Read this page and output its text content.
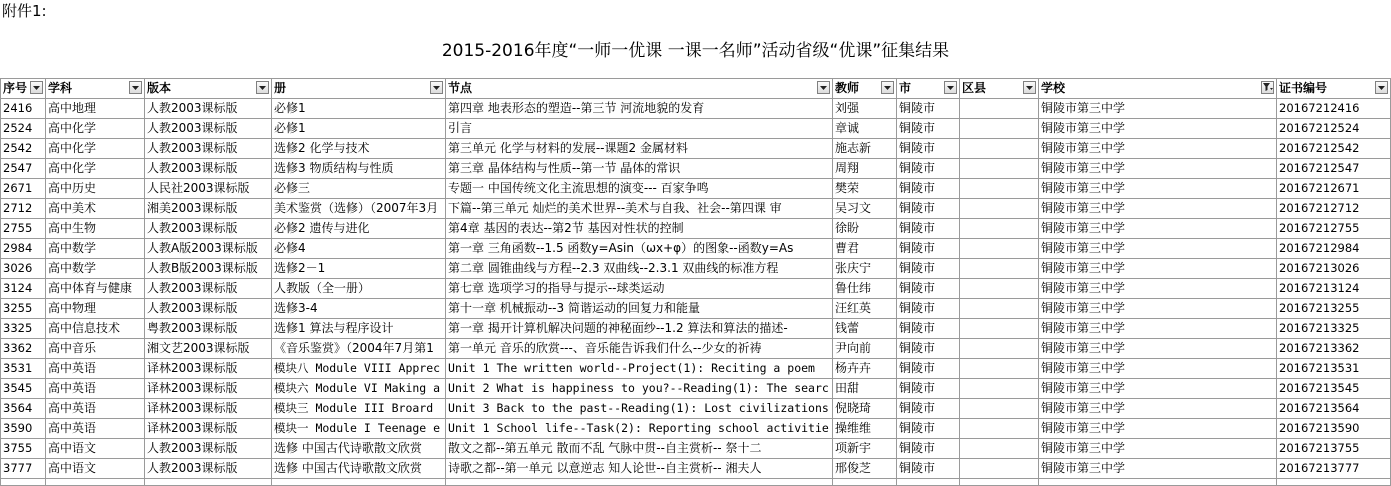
附件1:
2015-2016年度“一师一优课 一课一名师”活动省级“优课”征集结果
序号	学科	版本	册	节点	教师	市	区县	学校	证书编号

2416	高中地理	人教2003课标版	必修1	第四章 地表形态的塑造--第三节 河流地貌的发育	刘强	铜陵市		铜陵市第三中学	20167212416
2524	高中化学	人教2003课标版	必修1	引言	章诚	铜陵市		铜陵市第三中学	20167212524
2542	高中化学	人教2003课标版	选修2 化学与技术	第三单元 化学与材料的发展--课题2 金属材料	施志新	铜陵市		铜陵市第三中学	20167212542
2547	高中化学	人教2003课标版	选修3 物质结构与性质	第三章 晶体结构与性质--第一节 晶体的常识	周翔	铜陵市		铜陵市第三中学	20167212547
2671	高中历史	人民社2003课标版	必修三	专题一 中国传统文化主流思想的演变--- 百家争鸣	樊荣	铜陵市		铜陵市第三中学	20167212671
2712	高中美术	湘美2003课标版	美术鉴赏（选修）（2007年3月	下篇--第三单元 灿烂的美术世界--美术与自我、社会--第四课 审	吴习文	铜陵市		铜陵市第三中学	20167212712
2755	高中生物	人教2003课标版	必修2 遗传与进化	第4章 基因的表达--第2节 基因对性状的控制	徐盼	铜陵市		铜陵市第三中学	20167212755
2984	高中数学	人教A版2003课标版	必修4	第一章 三角函数--1.5 函数y=Asin（ωx+φ）的图象--函数y=As	曹君	铜陵市		铜陵市第三中学	20167212984
3026	高中数学	人教B版2003课标版	选修2－1	第二章 圆锥曲线与方程--2.3 双曲线--2.3.1 双曲线的标准方程	张庆宁	铜陵市		铜陵市第三中学	20167213026
3124	高中体育与健康	人教2003课标版	人教版（全一册）	第七章 选项学习的指导与提示--球类运动	鲁仕纬	铜陵市		铜陵市第三中学	20167213124
3255	高中物理	人教2003课标版	选修3-4	第十一章 机械振动--3 简谐运动的回复力和能量	汪红英	铜陵市		铜陵市第三中学	20167213255
3325	高中信息技术	粤教2003课标版	选修1 算法与程序设计	第一章 揭开计算机解决问题的神秘面纱--1.2 算法和算法的描述-	钱蕾	铜陵市		铜陵市第三中学	20167213325
3362	高中音乐	湘文艺2003课标版	《音乐鉴赏》（2004年7月第1	第一单元 音乐的欣赏---、音乐能告诉我们什么--少女的祈祷	尹向前	铜陵市		铜陵市第三中学	20167213362
3531	高中英语	译林2003课标版	模块八 Module VIII Apprec	Unit 1 The written world--Project(1): Reciting a poem	杨卉卉	铜陵市		铜陵市第三中学	20167213531
3545	高中英语	译林2003课标版	模块六 Module VI Making a	Unit 2 What is happiness to you?--Reading(1): The searc	田甜	铜陵市		铜陵市第三中学	20167213545
3564	高中英语	译林2003课标版	模块三 Module III Broard	Unit 3 Back to the past--Reading(1): Lost civilizations	倪晓琦	铜陵市		铜陵市第三中学	20167213564
3590	高中英语	译林2003课标版	模块一 Module I Teenage e	Unit 1 School life--Task(2): Reporting school activitie	操维维	铜陵市		铜陵市第三中学	20167213590
3755	高中语文	人教2003课标版	选修 中国古代诗歌散文欣赏	散文之都--第五单元 散而不乱 气脉中贯--自主赏析-- 祭十二	项新宇	铜陵市		铜陵市第三中学	20167213755
3777	高中语文	人教2003课标版	选修 中国古代诗歌散文欣赏	诗歌之都--第一单元 以意逆志 知人论世--自主赏析-- 湘夫人	邢俊芝	铜陵市		铜陵市第三中学	20167213777
